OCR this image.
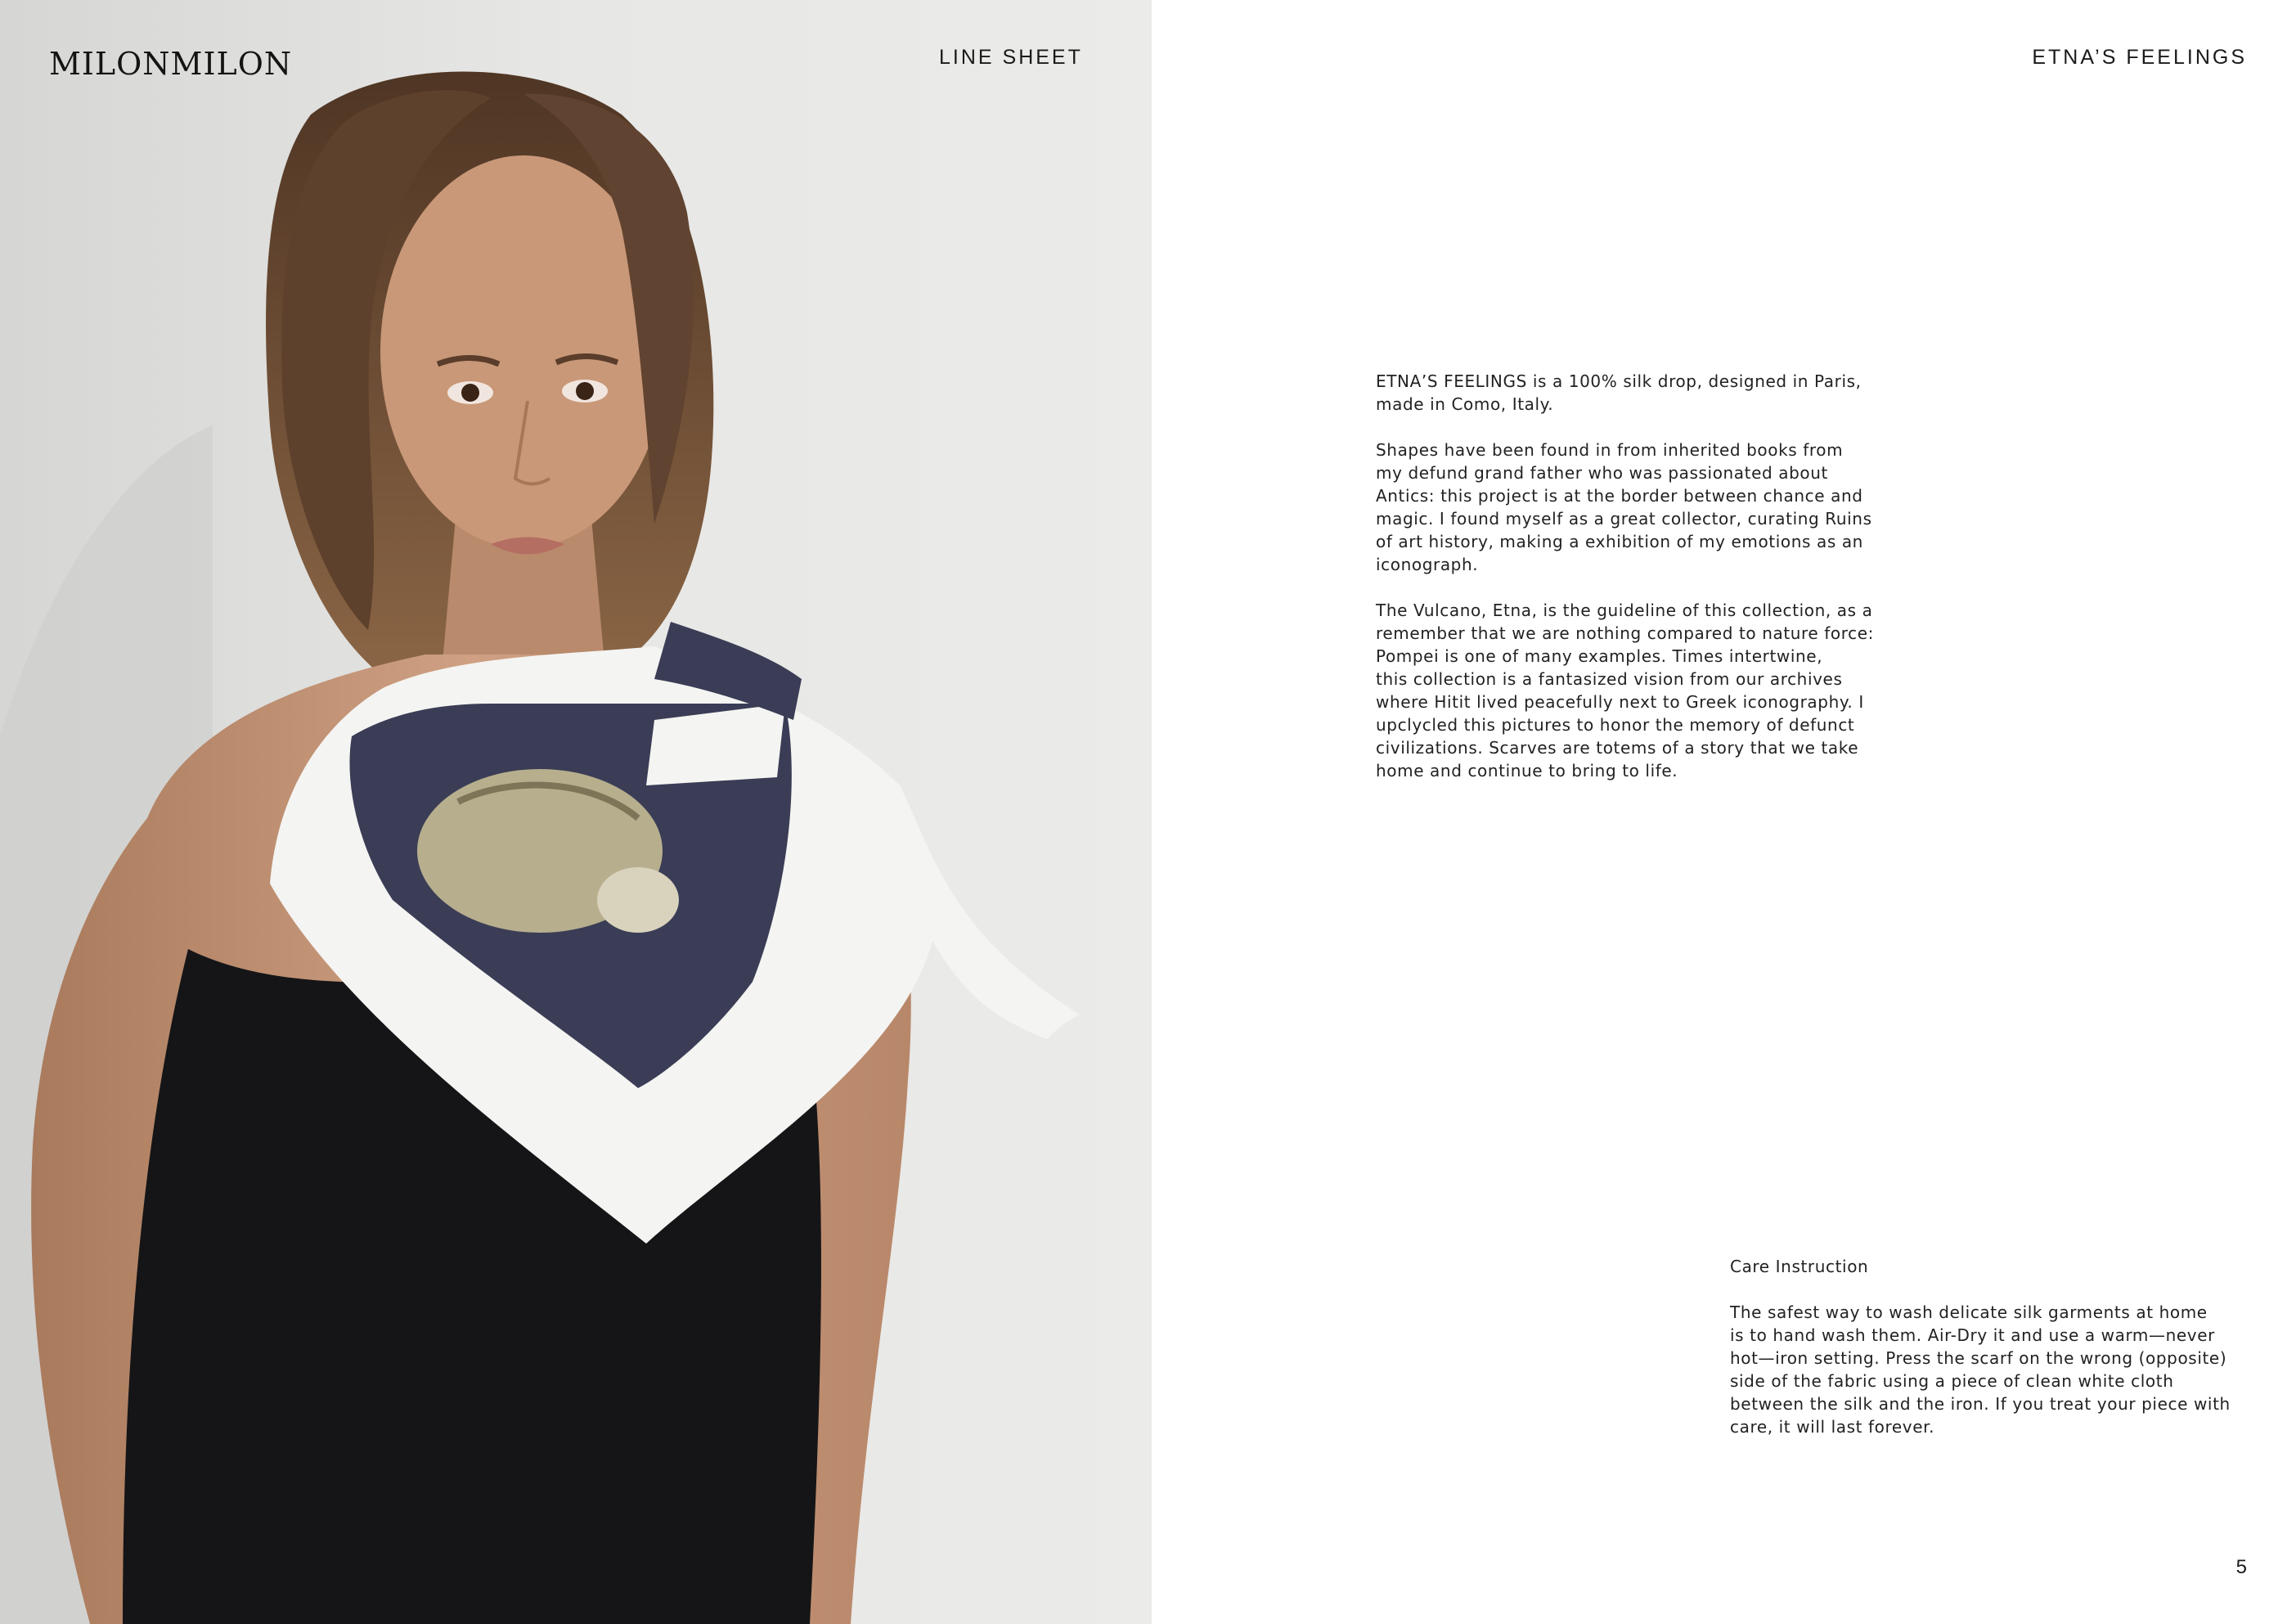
MILONMILON	LINE SHEET	ETNA’S FEELINGS

ETNA’S FEELINGS is a 100% silk drop, designed in Paris,
made in Como, Italy.

Shapes have been found in from inherited books from
my defund grand father who was passionated about
Antics: this project is at the border between chance and
magic. I found myself as a great collector, curating Ruins
of art history, making a exhibition of my emotions as an
iconograph.

The Vulcano, Etna, is the guideline of this collection, as a
remember that we are nothing compared to nature force:
Pompei is one of many examples. Times intertwine,
this collection is a fantasized vision from our archives
where Hitit lived peacefully next to Greek iconography. I
upclycled this pictures to honor the memory of defunct
civilizations. Scarves are totems of a story that we take
home and continue to bring to life.

Care Instruction

The safest way to wash delicate silk garments at home
is to hand wash them. Air-Dry it and use a warm—never
hot—iron setting. Press the scarf on the wrong (opposite)
side of the fabric using a piece of clean white cloth
between the silk and the iron. If you treat your piece with
care, it will last forever.

5
